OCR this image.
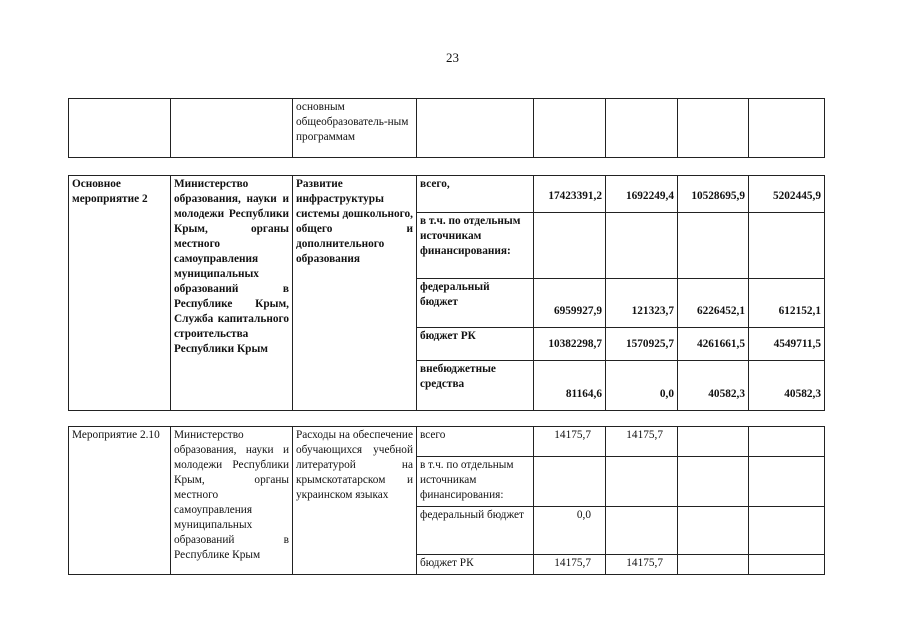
23
		основным общеобразователь-ным программам					
Основное мероприятие 2	Министерство образования, науки и молодежи Республики Крым, органы местного самоуправления муниципальных образований в Республике Крым, Служба капитального строительства Республики Крым	Развитие инфраструктуры системы дошкольного, общего и дополнительного образования	всего,	17423391,2	1692249,4	10528695,9	5202445,9
			в т.ч. по отдельным источникам финансирования:				
			федеральный бюджет	6959927,9	121323,7	6226452,1	612152,1
			бюджет РК	10382298,7	1570925,7	4261661,5	4549711,5
			внебюджетные средства	81164,6	0,0	40582,3	40582,3
Мероприятие 2.10	Министерство образования, науки и молодежи Республики Крым, органы местного самоуправления муниципальных образований в Республике Крым	Расходы на обеспечение обучающихся учебной литературой на крымскотатарском и украинском языках	всего	14175,7	14175,7		
			в т.ч. по отдельным источникам финансирования:				
			федеральный бюджет	0,0			
			бюджет РК	14175,7	14175,7		
